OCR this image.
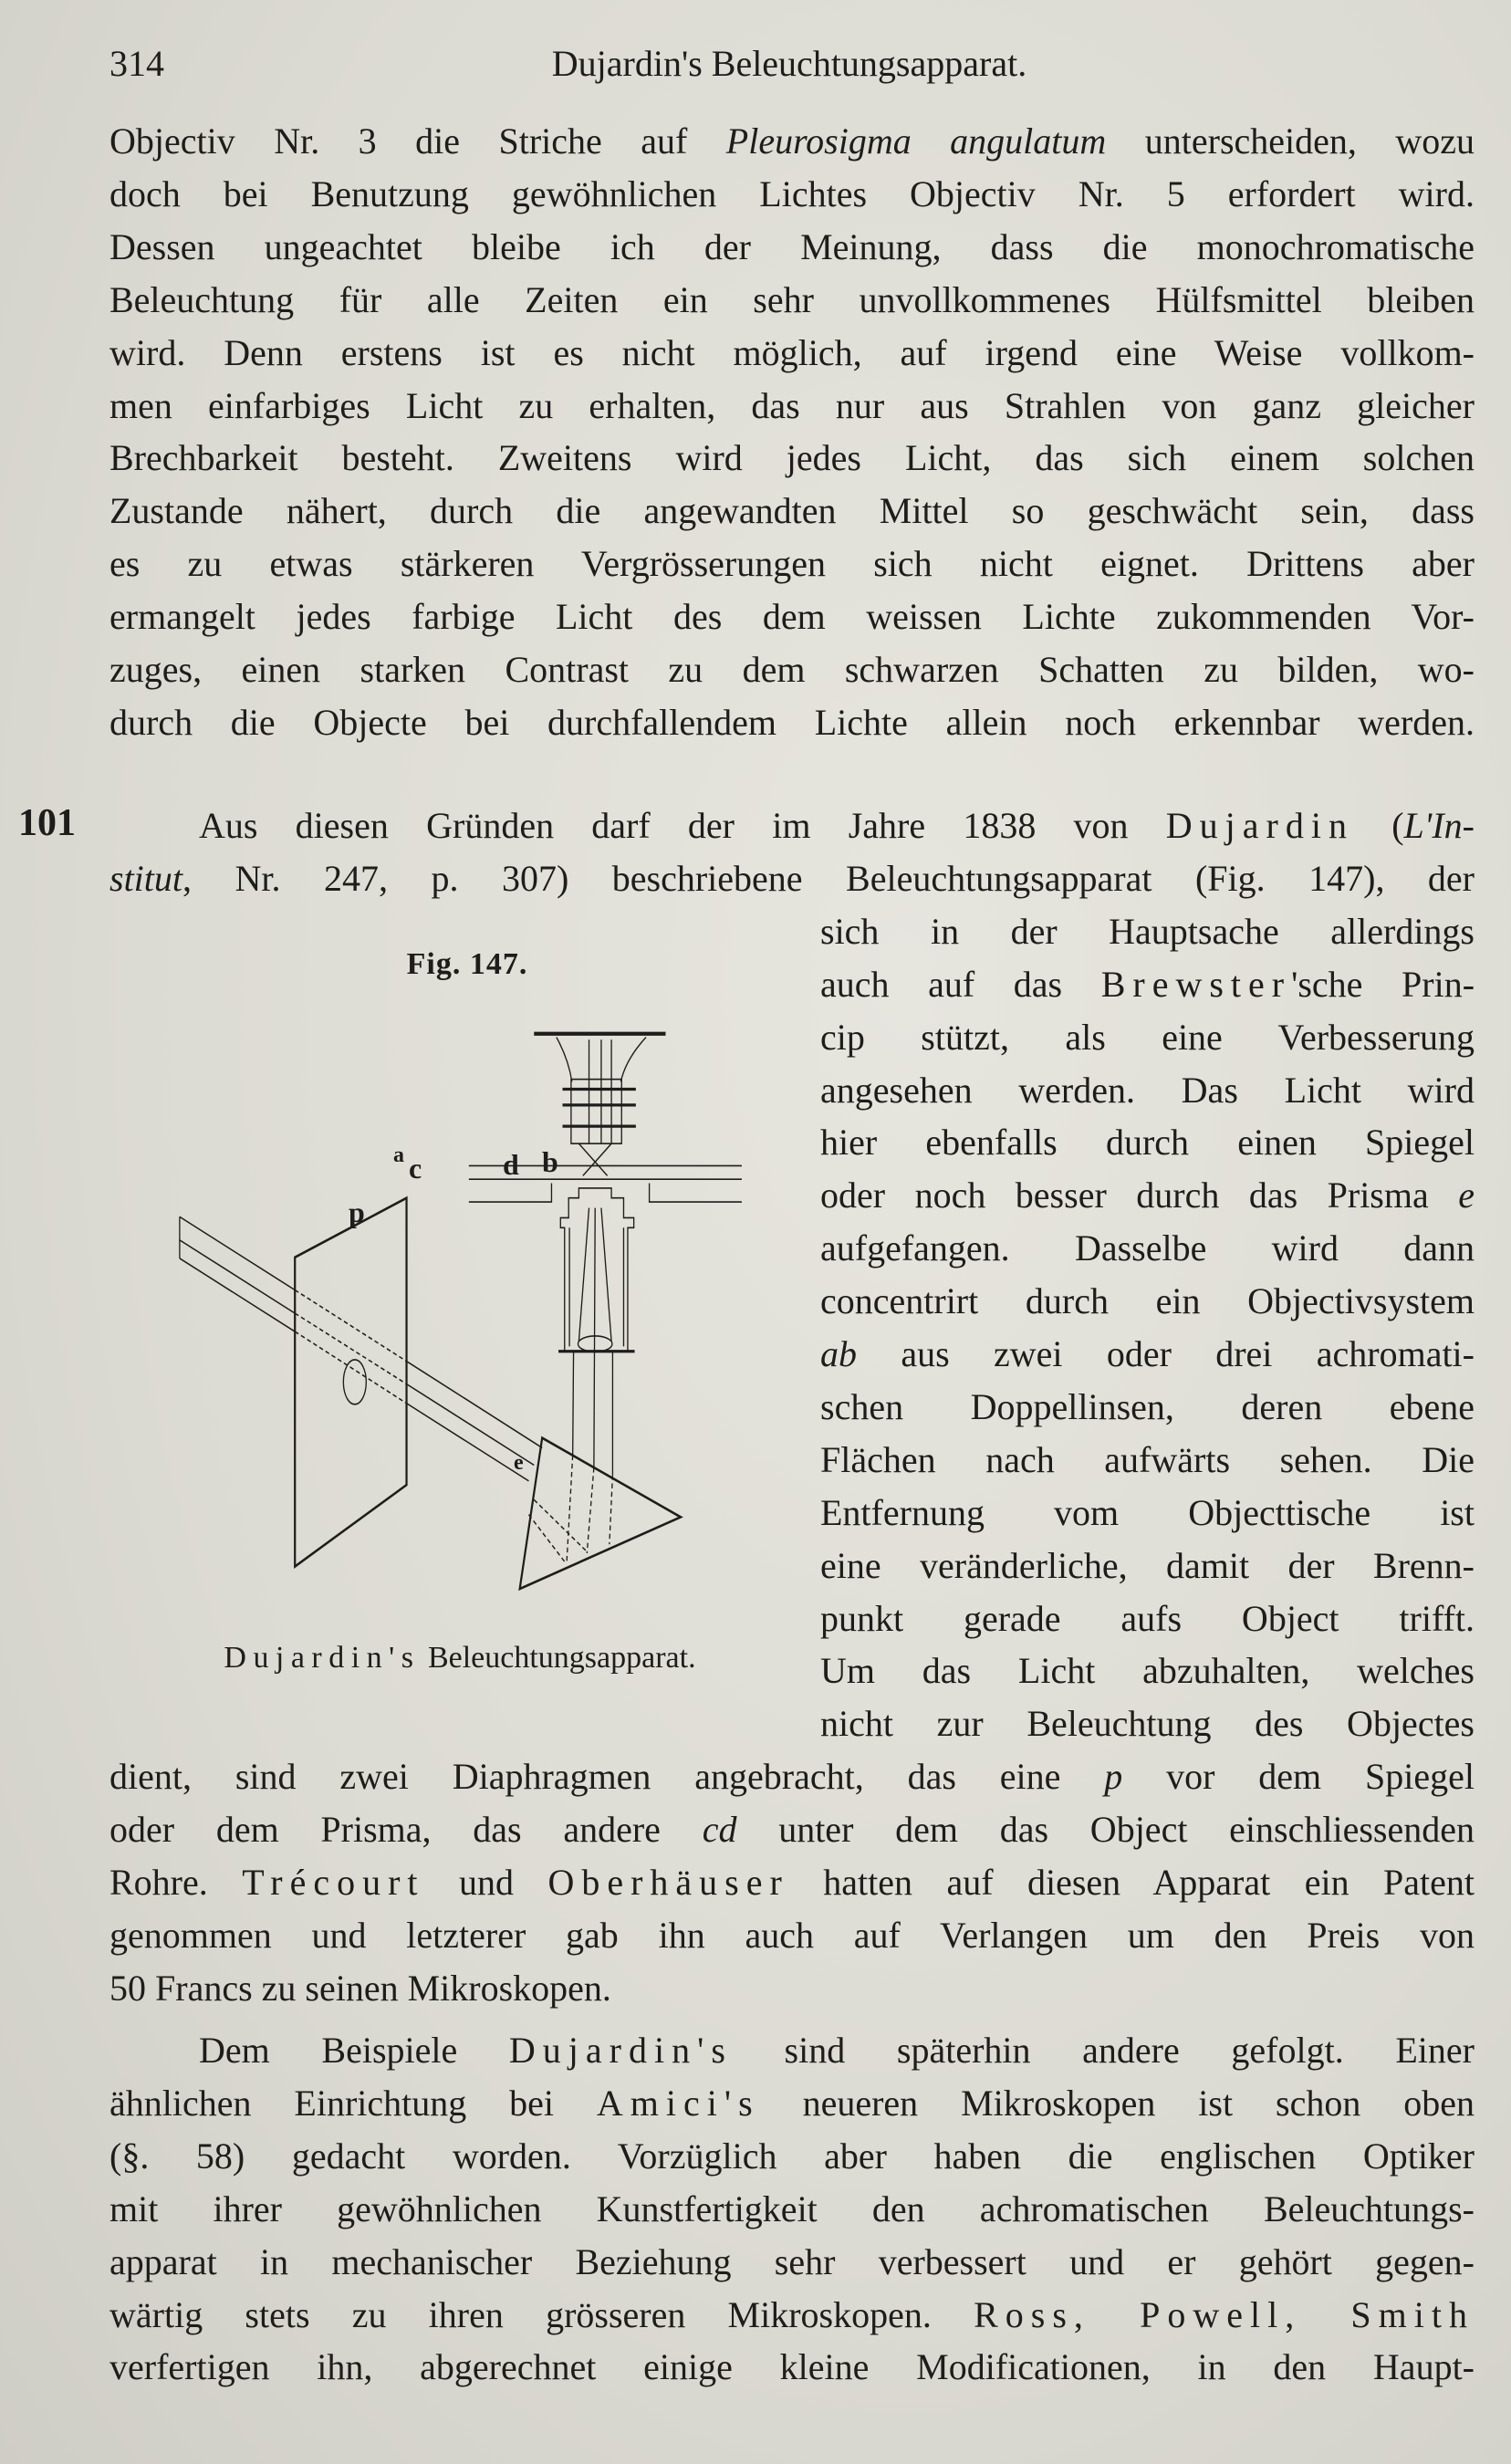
314	Dujardin's Beleuchtungsapparat.
101
Objectiv Nr. 3 die Striche auf Pleurosigma angulatum unterscheiden, wozu
doch bei Benutzung gewöhnlichen Lichtes Objectiv Nr. 5 erfordert wird.
Dessen ungeachtet bleibe ich der Meinung, dass die monochromatische
Beleuchtung für alle Zeiten ein sehr unvollkommenes Hülfsmittel bleiben
wird. Denn erstens ist es nicht möglich, auf irgend eine Weise vollkom-
men einfarbiges Licht zu erhalten, das nur aus Strahlen von ganz gleicher
Brechbarkeit besteht. Zweitens wird jedes Licht, das sich einem solchen
Zustande nähert, durch die angewandten Mittel so geschwächt sein, dass
es zu etwas stärkeren Vergrösserungen sich nicht eignet. Drittens aber
ermangelt jedes farbige Licht des dem weissen Lichte zukommenden Vor-
zuges, einen starken Contrast zu dem schwarzen Schatten zu bilden, wo-
durch die Objecte bei durchfallendem Lichte allein noch erkennbar werden.
Aus diesen Gründen darf der im Jahre 1838 von Dujardin (L'In-
stitut, Nr. 247, p. 307) beschriebene Beleuchtungsapparat (Fig. 147), der
sich in der Hauptsache allerdings
auch auf das Brewster'sche Prin-
cip stützt, als eine Verbesserung
angesehen werden. Das Licht wird
hier ebenfalls durch einen Spiegel
oder noch besser durch das Prisma e
aufgefangen. Dasselbe wird dann
concentrirt durch ein Objectivsystem
ab aus zwei oder drei achromati-
schen Doppellinsen, deren ebene
Flächen nach aufwärts sehen. Die
Entfernung vom Objecttische ist
eine veränderliche, damit der Brenn-
punkt gerade aufs Object trifft.
Um das Licht abzuhalten, welches
nicht zur Beleuchtung des Objectes
dient, sind zwei Diaphragmen angebracht, das eine p vor dem Spiegel
oder dem Prisma, das andere cd unter dem das Object einschliessenden
Rohre. Trécourt und Oberhäuser hatten auf diesen Apparat ein Patent
genommen und letzterer gab ihn auch auf Verlangen um den Preis von
50 Francs zu seinen Mikroskopen.
Dem Beispiele Dujardin's sind späterhin andere gefolgt. Einer
ähnlichen Einrichtung bei Amici's neueren Mikroskopen ist schon oben
(§. 58) gedacht worden. Vorzüglich aber haben die englischen Optiker
mit ihrer gewöhnlichen Kunstfertigkeit den achromatischen Beleuchtungs-
apparat in mechanischer Beziehung sehr verbessert und er gehört gegen-
wärtig stets zu ihren grösseren Mikroskopen. Ross, Powell, Smith
verfertigen ihn, abgerechnet einige kleine Modificationen, in den Haupt-
Fig. 147.
p
a c	d b
e
Dujardin's Beleuchtungsapparat.
